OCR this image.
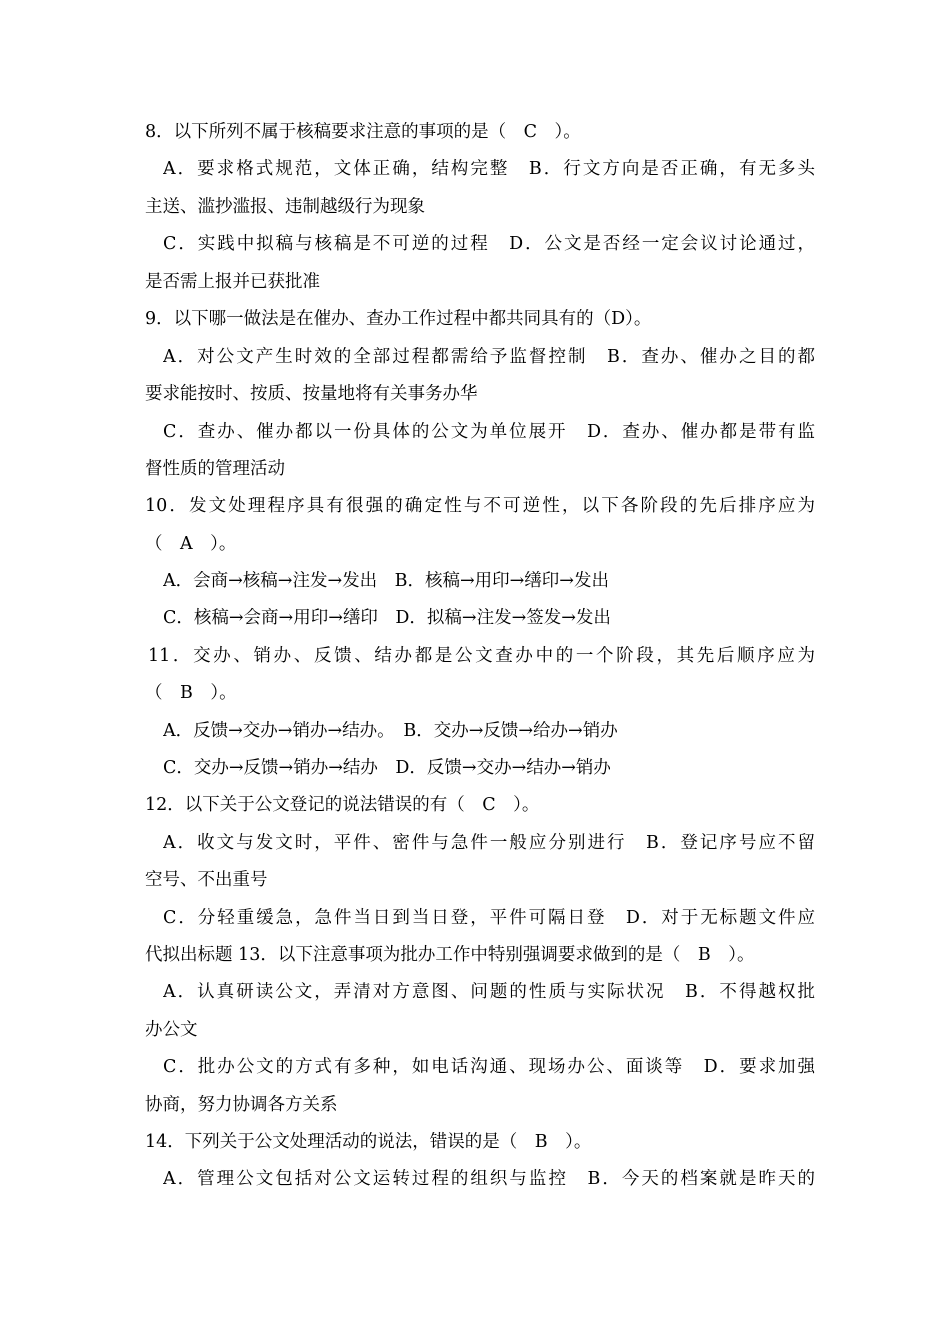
8．以下所列不属于核稿要求注意的事项的是（　C　）。
A．要求格式规范，文体正确，结构完整　B．行文方向是否正确，有无多头
主送、滥抄滥报、违制越级行为现象
C．实践中拟稿与核稿是不可逆的过程　D．公文是否经一定会议讨论通过，
是否需上报并已获批准
9．以下哪一做法是在催办、查办工作过程中都共同具有的（D）。
A．对公文产生时效的全部过程都需给予监督控制　B．查办、催办之目的都
要求能按时、按质、按量地将有关事务办华
C．查办、催办都以一份具体的公文为单位展开　D．查办、催办都是带有监
督性质的管理活动
10．发文处理程序具有很强的确定性与不可逆性，以下各阶段的先后排序应为
（　A　）。
A．会商→核稿→注发→发出　B．核稿→用印→缮印→发出
C．核稿→会商→用印→缮印　D．拟稿→注发→签发→发出
11．交办、销办、反馈、结办都是公文查办中的一个阶段，其先后顺序应为
（　B　）。
A．反馈→交办→销办→结办。　B．交办→反馈→给办→销办
C．交办→反馈→销办→结办　D．反馈→交办→结办→销办
12．以下关于公文登记的说法错误的有（　C　）。
A．收文与发文时，平件、密件与急件一般应分别进行　B．登记序号应不留
空号、不出重号
C．分轻重缓急，急件当日到当日登，平件可隔日登　D．对于无标题文件应
代拟出标题 13．以下注意事项为批办工作中特别强调要求做到的是（　B　）。
A．认真研读公文，弄清对方意图、问题的性质与实际状况　B．不得越权批
办公文
C．批办公文的方式有多种，如电话沟通、现场办公、面谈等　D．要求加强
协商，努力协调各方关系
14．下列关于公文处理活动的说法，错误的是（　B　）。
A．管理公文包括对公文运转过程的组织与监控　B．今天的档案就是昨天的
